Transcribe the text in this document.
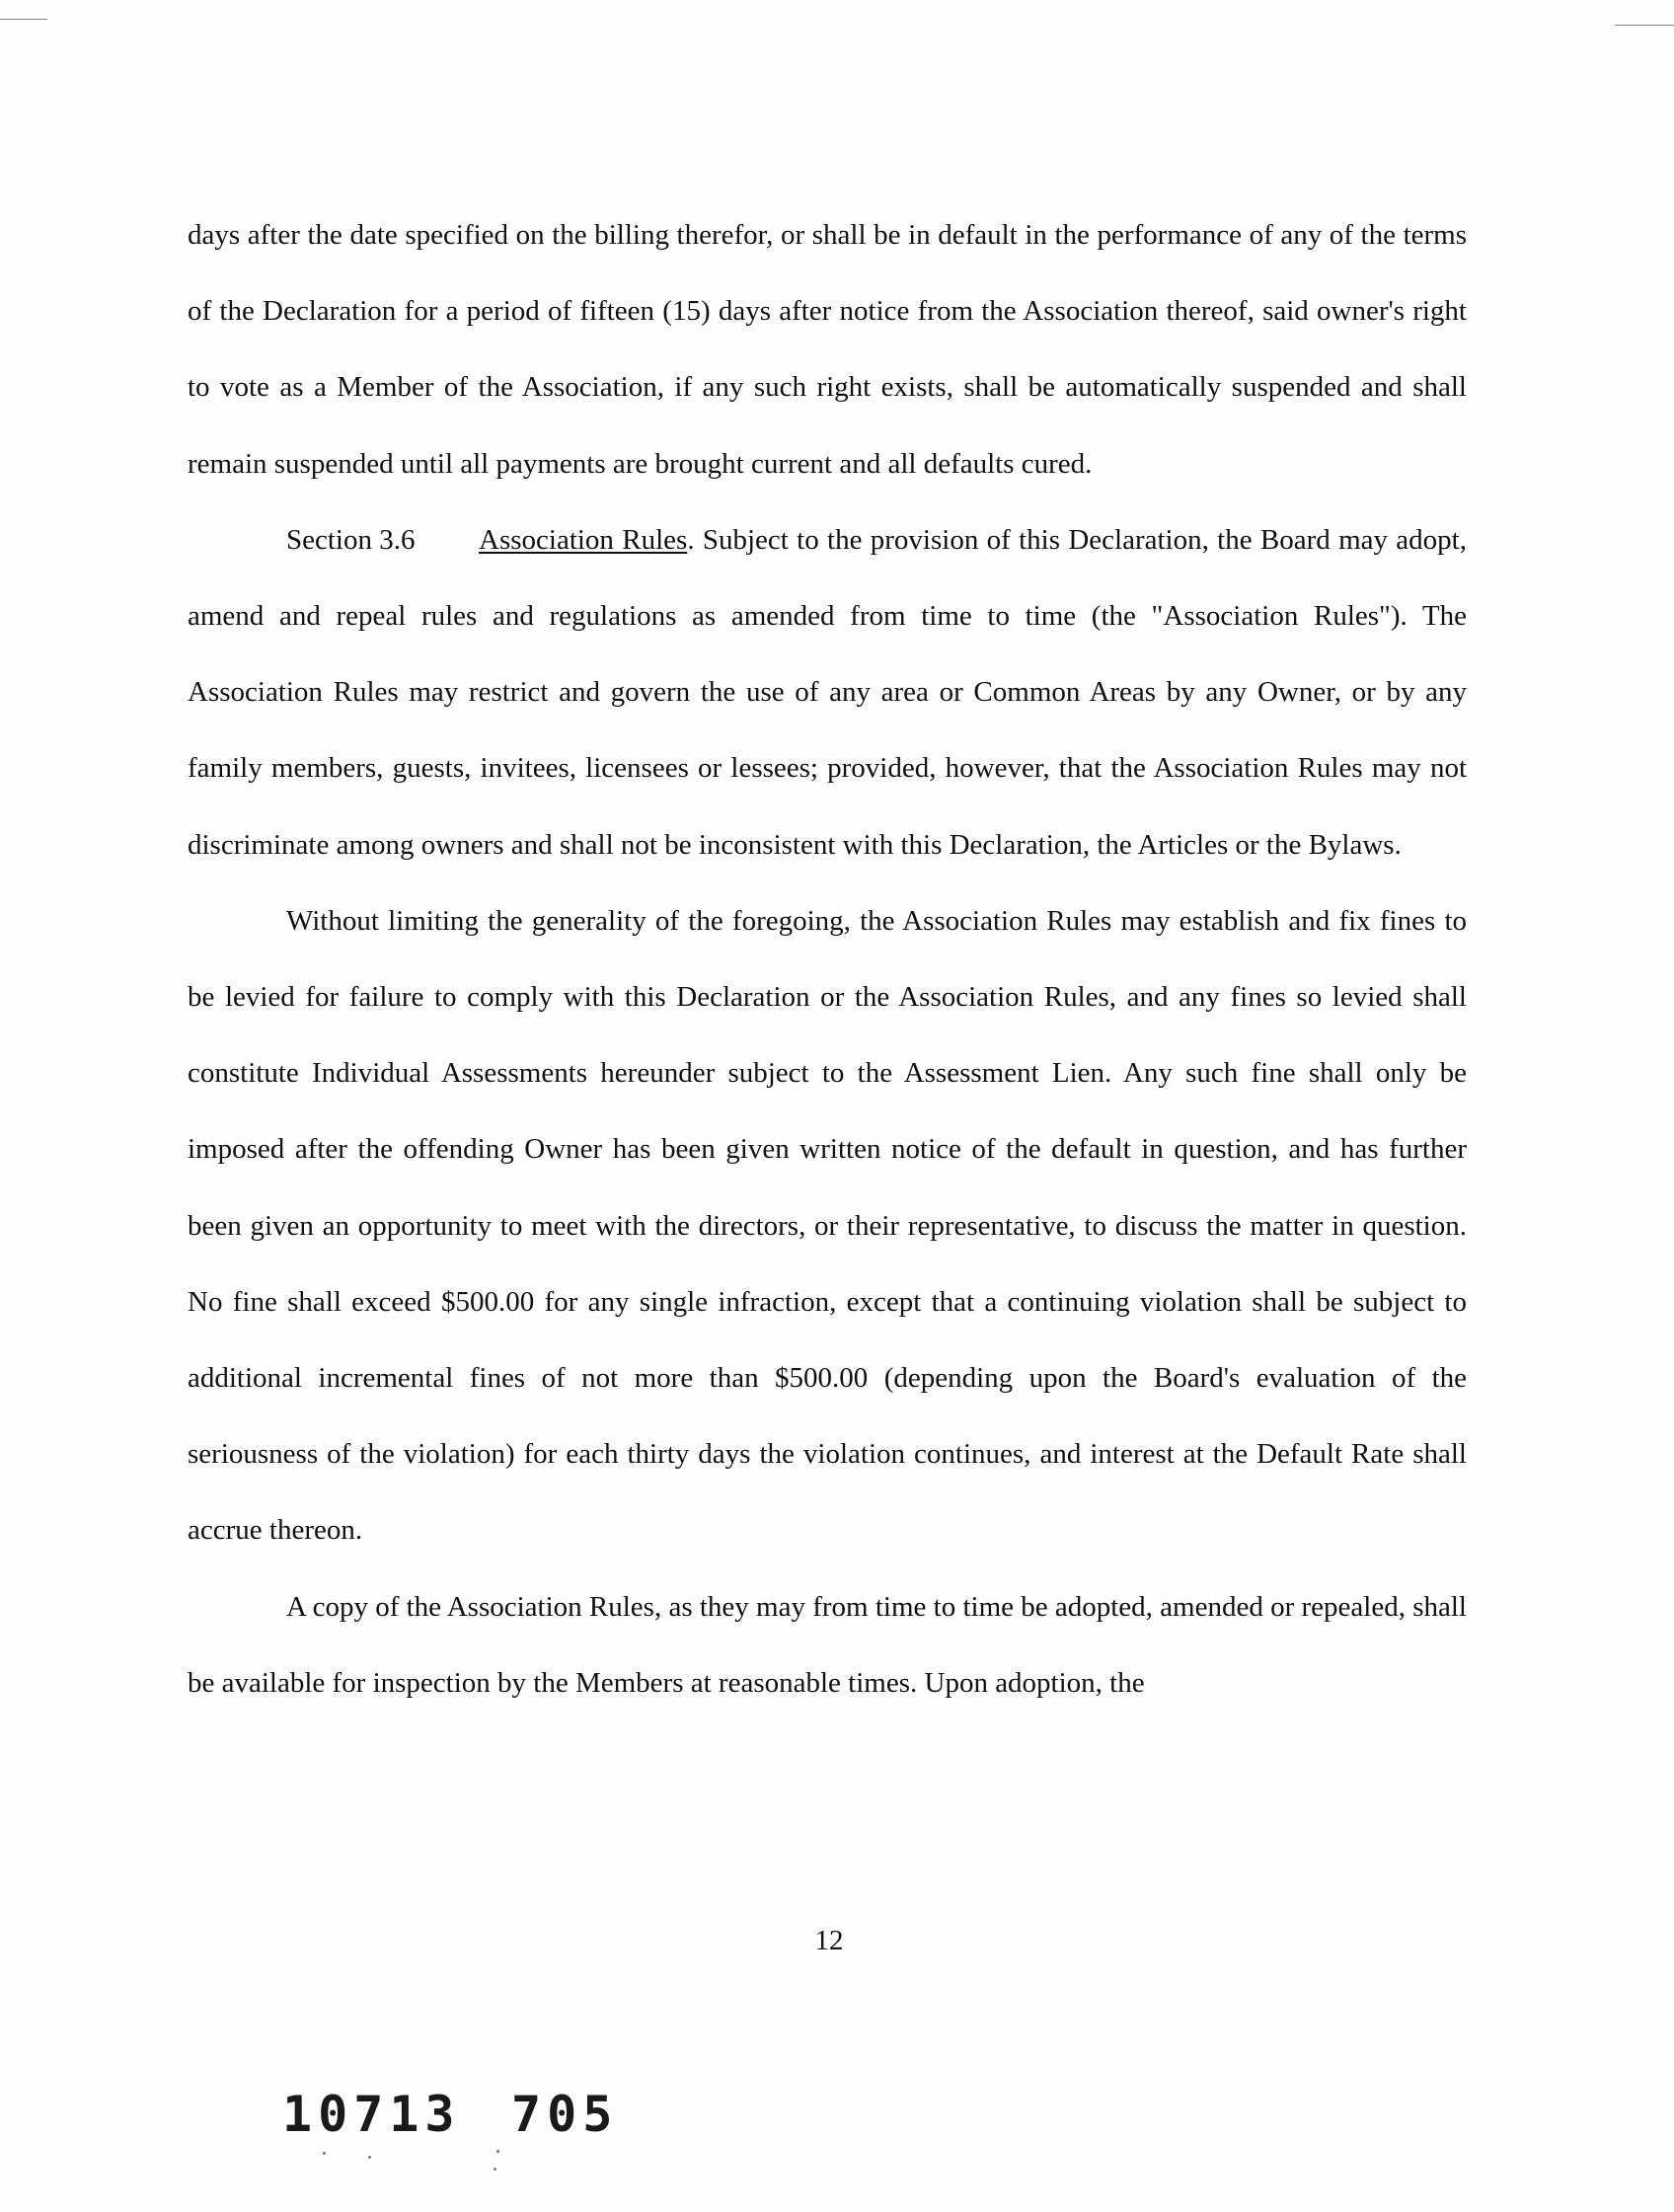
days after the date specified on the billing therefor, or shall be in default in the performance of any of the terms of the Declaration for a period of fifteen (15) days after notice from the Association thereof, said owner's right to vote as a Member of the Association, if any such right exists, shall be automatically suspended and shall remain suspended until all payments are brought current and all defaults cured.

Section 3.6 Association Rules. Subject to the provision of this Declaration, the Board may adopt, amend and repeal rules and regulations as amended from time to time (the "Association Rules"). The Association Rules may restrict and govern the use of any area or Common Areas by any Owner, or by any family members, guests, invitees, licensees or lessees; provided, however, that the Association Rules may not discriminate among owners and shall not be inconsistent with this Declaration, the Articles or the Bylaws.

Without limiting the generality of the foregoing, the Association Rules may establish and fix fines to be levied for failure to comply with this Declaration or the Association Rules, and any fines so levied shall constitute Individual Assessments hereunder subject to the Assessment Lien. Any such fine shall only be imposed after the offending Owner has been given written notice of the default in question, and has further been given an opportunity to meet with the directors, or their representative, to discuss the matter in question. No fine shall exceed $500.00 for any single infraction, except that a continuing violation shall be subject to additional incremental fines of not more than $500.00 (depending upon the Board's evaluation of the seriousness of the violation) for each thirty days the violation continues, and interest at the Default Rate shall accrue thereon.

A copy of the Association Rules, as they may from time to time be adopted, amended or repealed, shall be available for inspection by the Members at reasonable times. Upon adoption, the

12
10713 705
